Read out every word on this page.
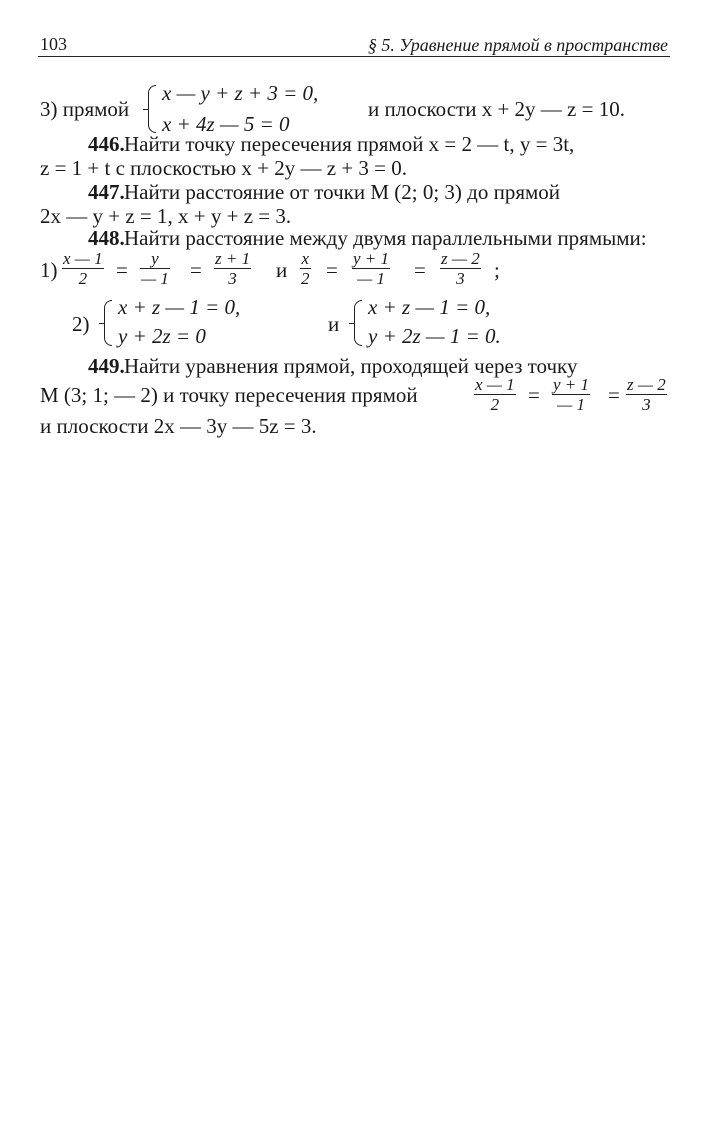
103	§ 5. Уравнение прямой в пространстве
3) прямой
x — y + z + 3 = 0,
x + 4z — 5 = 0
и плоскости x + 2y — z = 10.
446. Найти точку пересечения прямой x = 2 — t, y = 3t,
z = 1 + t с плоскостью x + 2y — z + 3 = 0.
447. Найти расстояние от точки M (2; 0; 3) до прямой
2x — y + z = 1, x + y + z = 3.
448. Найти расстояние между двумя параллельными прямыми:
$1) \frac{x — 1}{2} = \frac{y}{— 1} = \frac{z + 1}{3}$ и $\frac{x}{2} = \frac{y + 1}{— 1} = \frac{z — 2}{3}$ ;
2)
x + z — 1 = 0,
y + 2z = 0	и
x + z — 1 = 0,
y + 2z — 1 = 0.
449. Найти уравнения прямой, проходящей через точку
M (3; 1; — 2) и точку пересечения прямой	$\frac{x — 1}{2} = \frac{y + 1}{— 1} = \frac{z — 2}{3}$
и плоскости 2x — 3y — 5z = 3.
